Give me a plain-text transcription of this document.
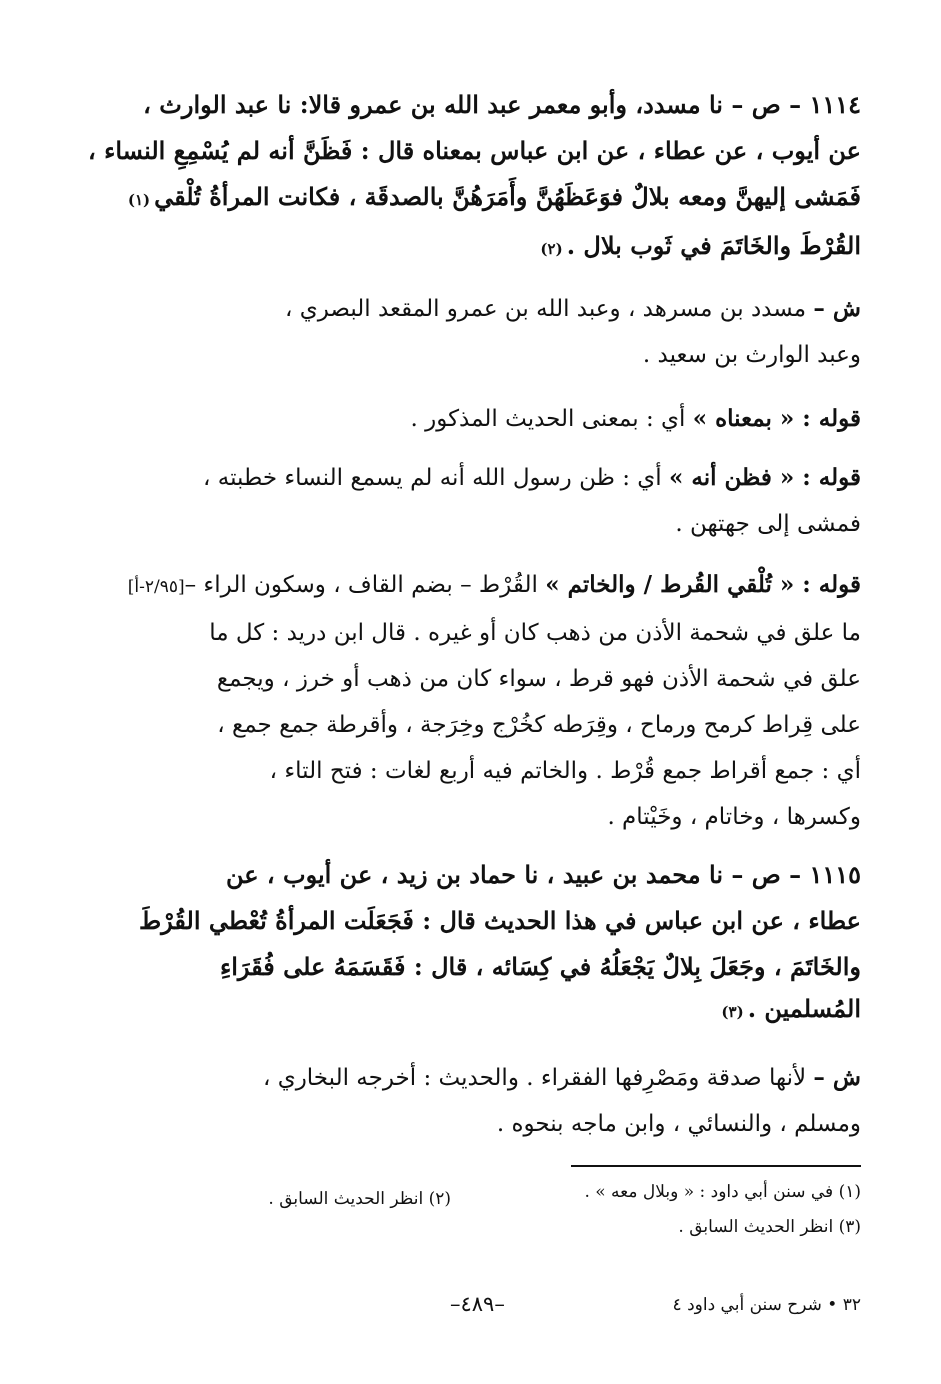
١١١٤ – ص – نا مسدد، وأبو معمر عبد الله بن عمرو قالا: نا عبد الوارث ،
عن أيوب ، عن عطاء ، عن ابن عباس بمعناه قال : فَظَنَّ أنه لم يُسْمِعِ النساء ،
فَمَشى إليهنَّ ومعه بلالٌ فوَعَظَهُنَّ وأَمَرَهُنَّ بالصدقَة ، فكانت المرأةُ تُلْقي(١)
القُرْطَ والخَاتَمَ في ثَوب بلال .(٢)
ش – مسدد بن مسرهد ، وعبد الله بن عمرو المقعد البصري ،
وعبد الوارث بن سعيد .
قوله : « بمعناه » أي : بمعنى الحديث المذكور .
قوله : « فظن أنه » أي : ظن رسول الله أنه لم يسمع النساء خطبته ،
فمشى إلى جهتهن .
قوله : « تُلْقي القُرط / والخاتم » القُرْط – بضم القاف ، وسكون الراء –[٢/٩٥-أ]
ما علق في شحمة الأذن من ذهب كان أو غيره . قال ابن دريد : كل ما
علق في شحمة الأذن فهو قرط ، سواء كان من ذهب أو خرز ، ويجمع
على قِراط كرمح ورماح ، وقِرَطه كخُرْج وخِرَجة ، وأقرطة جمع جمع ،
أي : جمع أقراط جمع قُرْط . والخاتم فيه أربع لغات : فتح التاء ،
وكسرها ، وخاتام ، وخَيْتام .
١١١٥ – ص – نا محمد بن عبيد ، نا حماد بن زيد ، عن أيوب ، عن
عطاء ، عن ابن عباس في هذا الحديث قال : فَجَعَلَت المرأةُ تُعْطي القُرْطَ
والخَاتَمَ ، وجَعَلَ بِلالٌ يَجْعَلُهُ في كِسَائه ، قال : فَقَسَمَهُ على فُقَرَاءِ
المُسلمين .(٣)
ش – لأنها صدقة ومَصْرِفها الفقراء . والحديث : أخرجه البخاري ،
ومسلم ، والنسائي ، وابن ماجه بنحوه .
(١) في سنن أبي داود : « وبلال معه » .
(٢) انظر الحديث السابق .
(٣) انظر الحديث السابق .
٣٢ • شرح سنن أبي داود ٤
–٤٨٩–
